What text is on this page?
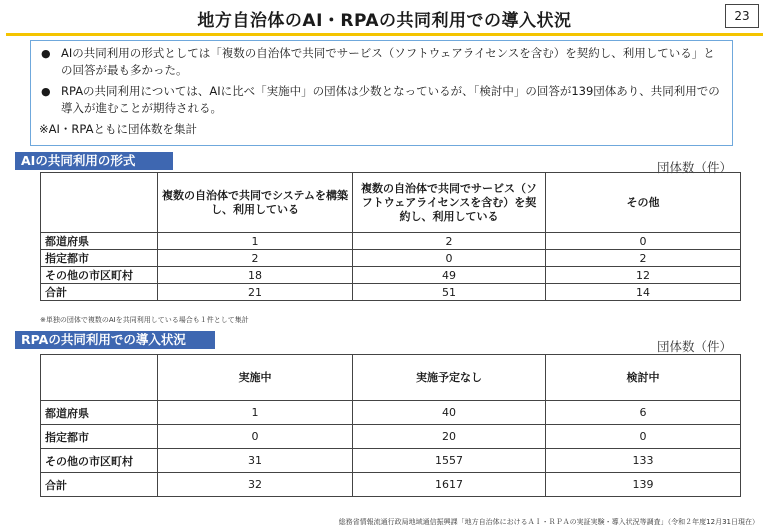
地方自治体のAI・RPAの共同利用での導入状況	23
● AIの共同利用の形式としては「複数の自治体で共同でサービス（ソフトウェアライセンスを含む）を契約し、利用している」との回答が最も多かった。
● RPAの共同利用については、AIに比べ「実施中」の団体は少数となっているが、「検討中」の回答が139団体あり、共同利用での導入が進むことが期待される。
※AI・RPAともに団体数を集計
AIの共同利用の形式	団体数（件）
	複数の自治体で共同でシステムを構築し、利用している	複数の自治体で共同でサービス（ソフトウェアライセンスを含む）を契約し、利用している	その他
都道府県	1	2	0
指定都市	2	0	2
その他の市区町村	18	49	12
合計	21	51	14
※単独の団体で複数のAIを共同利用している場合も１件として集計
RPAの共同利用での導入状況	団体数（件）
	実施中	実施予定なし	検討中
都道府県	1	40	6
指定都市	0	20	0
その他の市区町村	31	1557	133
合計	32	1617	139
総務省情報流通行政局地域通信振興課「地方自治体におけるＡＩ・ＲＰＡの実証実験・導入状況等調査」（令和２年度12月31日現在）
